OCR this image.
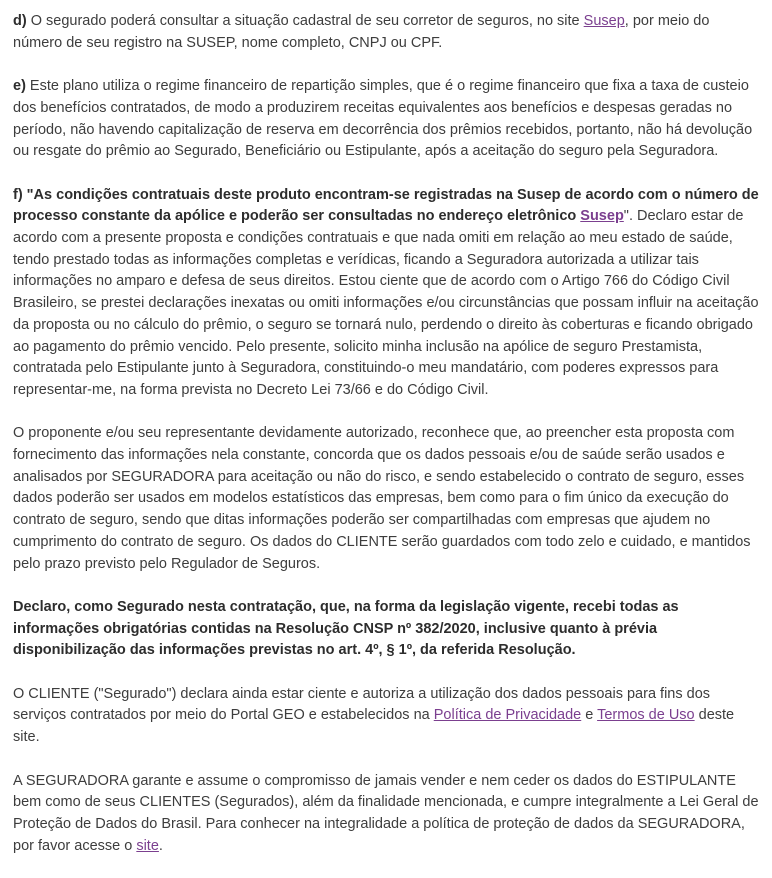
d) O segurado poderá consultar a situação cadastral de seu corretor de seguros, no site Susep, por meio do número de seu registro na SUSEP, nome completo, CNPJ ou CPF.

e) Este plano utiliza o regime financeiro de repartição simples, que é o regime financeiro que fixa a taxa de custeio dos benefícios contratados, de modo a produzirem receitas equivalentes aos benefícios e despesas geradas no período, não havendo capitalização de reserva em decorrência dos prêmios recebidos, portanto, não há devolução ou resgate do prêmio ao Segurado, Beneficiário ou Estipulante, após a aceitação do seguro pela Seguradora.

f) "As condições contratuais deste produto encontram-se registradas na Susep de acordo com o número de processo constante da apólice e poderão ser consultadas no endereço eletrônico Susep". Declaro estar de acordo com a presente proposta e condições contratuais e que nada omiti em relação ao meu estado de saúde, tendo prestado todas as informações completas e verídicas, ficando a Seguradora autorizada a utilizar tais informações no amparo e defesa de seus direitos. Estou ciente que de acordo com o Artigo 766 do Código Civil Brasileiro, se prestei declarações inexatas ou omiti informações e/ou circunstâncias que possam influir na aceitação da proposta ou no cálculo do prêmio, o seguro se tornará nulo, perdendo o direito às coberturas e ficando obrigado ao pagamento do prêmio vencido. Pelo presente, solicito minha inclusão na apólice de seguro Prestamista, contratada pelo Estipulante junto à Seguradora, constituindo-o meu mandatário, com poderes expressos para representar-me, na forma prevista no Decreto Lei 73/66 e do Código Civil.

O proponente e/ou seu representante devidamente autorizado, reconhece que, ao preencher esta proposta com fornecimento das informações nela constante, concorda que os dados pessoais e/ou de saúde serão usados e analisados por SEGURADORA para aceitação ou não do risco, e sendo estabelecido o contrato de seguro, esses dados poderão ser usados em modelos estatísticos das empresas, bem como para o fim único da execução do contrato de seguro, sendo que ditas informações poderão ser compartilhadas com empresas que ajudem no cumprimento do contrato de seguro. Os dados do CLIENTE serão guardados com todo zelo e cuidado, e mantidos pelo prazo previsto pelo Regulador de Seguros.

Declaro, como Segurado nesta contratação, que, na forma da legislação vigente, recebi todas as informações obrigatórias contidas na Resolução CNSP nº 382/2020, inclusive quanto à prévia disponibilização das informações previstas no art. 4º, § 1º, da referida Resolução.

O CLIENTE ("Segurado") declara ainda estar ciente e autoriza a utilização dos dados pessoais para fins dos serviços contratados por meio do Portal GEO e estabelecidos na Política de Privacidade e Termos de Uso deste site.

A SEGURADORA garante e assume o compromisso de jamais vender e nem ceder os dados do ESTIPULANTE bem como de seus CLIENTES (Segurados), além da finalidade mencionada, e cumpre integralmente a Lei Geral de Proteção de Dados do Brasil. Para conhecer na integralidade a política de proteção de dados da SEGURADORA, por favor acesse o site.
